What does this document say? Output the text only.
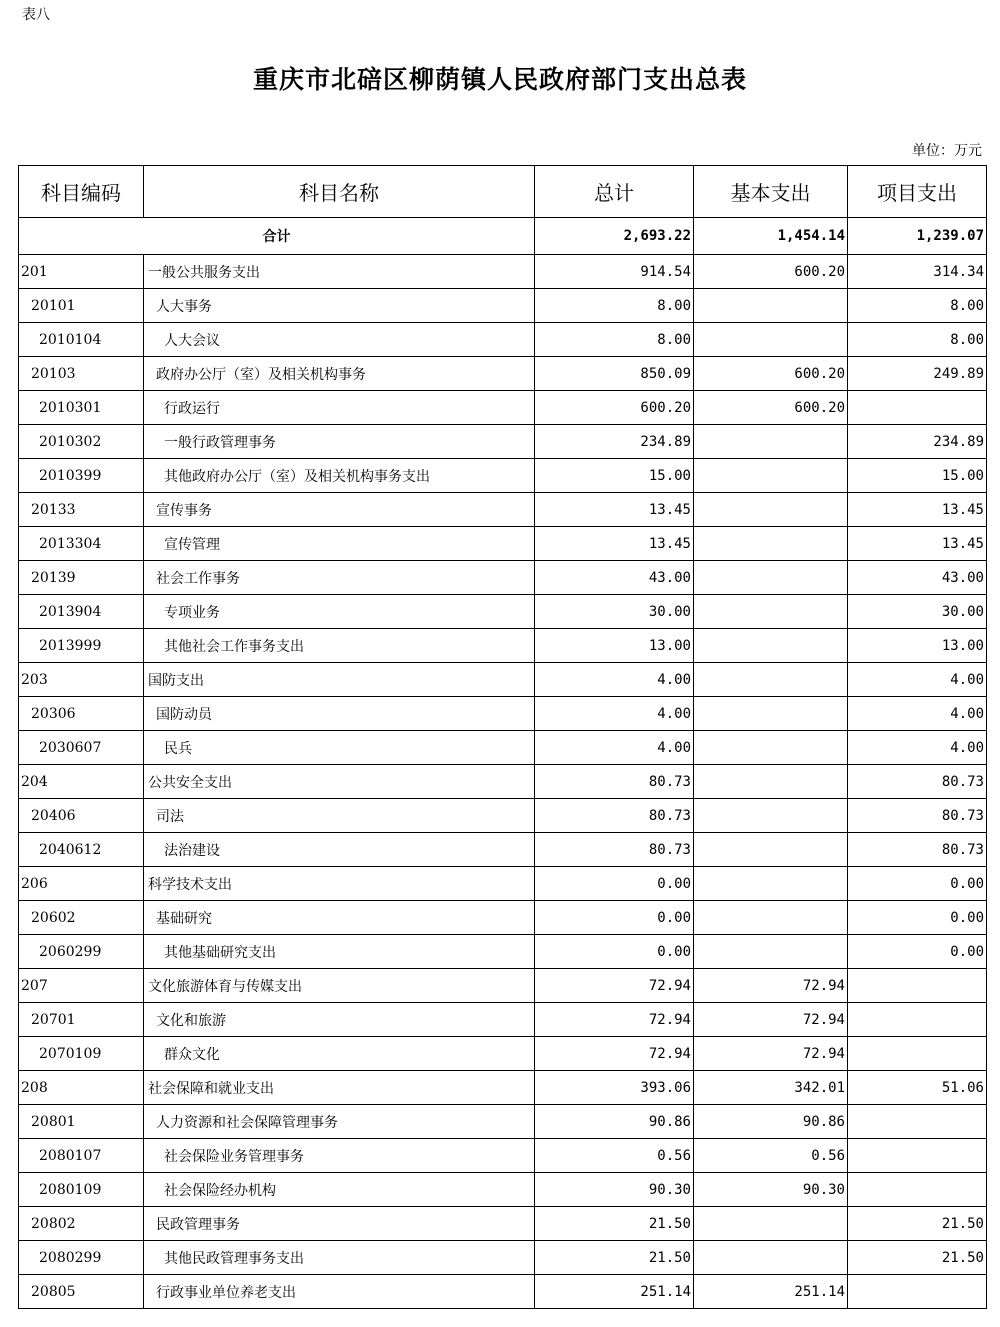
表八
重庆市北碚区柳荫镇人民政府部门支出总表
单位：万元
科目编码	科目名称	总计	基本支出	项目支出
合计		2,693.22	1,454.14	1,239.07
201	一般公共服务支出	914.54	600.20	314.34
20101	人大事务	8.00		8.00
2010104	人大会议	8.00		8.00
20103	政府办公厅（室）及相关机构事务	850.09	600.20	249.89
2010301	行政运行	600.20	600.20	
2010302	一般行政管理事务	234.89		234.89
2010399	其他政府办公厅（室）及相关机构事务支出	15.00		15.00
20133	宣传事务	13.45		13.45
2013304	宣传管理	13.45		13.45
20139	社会工作事务	43.00		43.00
2013904	专项业务	30.00		30.00
2013999	其他社会工作事务支出	13.00		13.00
203	国防支出	4.00		4.00
20306	国防动员	4.00		4.00
2030607	民兵	4.00		4.00
204	公共安全支出	80.73		80.73
20406	司法	80.73		80.73
2040612	法治建设	80.73		80.73
206	科学技术支出	0.00		0.00
20602	基础研究	0.00		0.00
2060299	其他基础研究支出	0.00		0.00
207	文化旅游体育与传媒支出	72.94	72.94	
20701	文化和旅游	72.94	72.94	
2070109	群众文化	72.94	72.94	
208	社会保障和就业支出	393.06	342.01	51.06
20801	人力资源和社会保障管理事务	90.86	90.86	
2080107	社会保险业务管理事务	0.56	0.56	
2080109	社会保险经办机构	90.30	90.30	
20802	民政管理事务	21.50		21.50
2080299	其他民政管理事务支出	21.50		21.50
20805	行政事业单位养老支出	251.14	251.14	
